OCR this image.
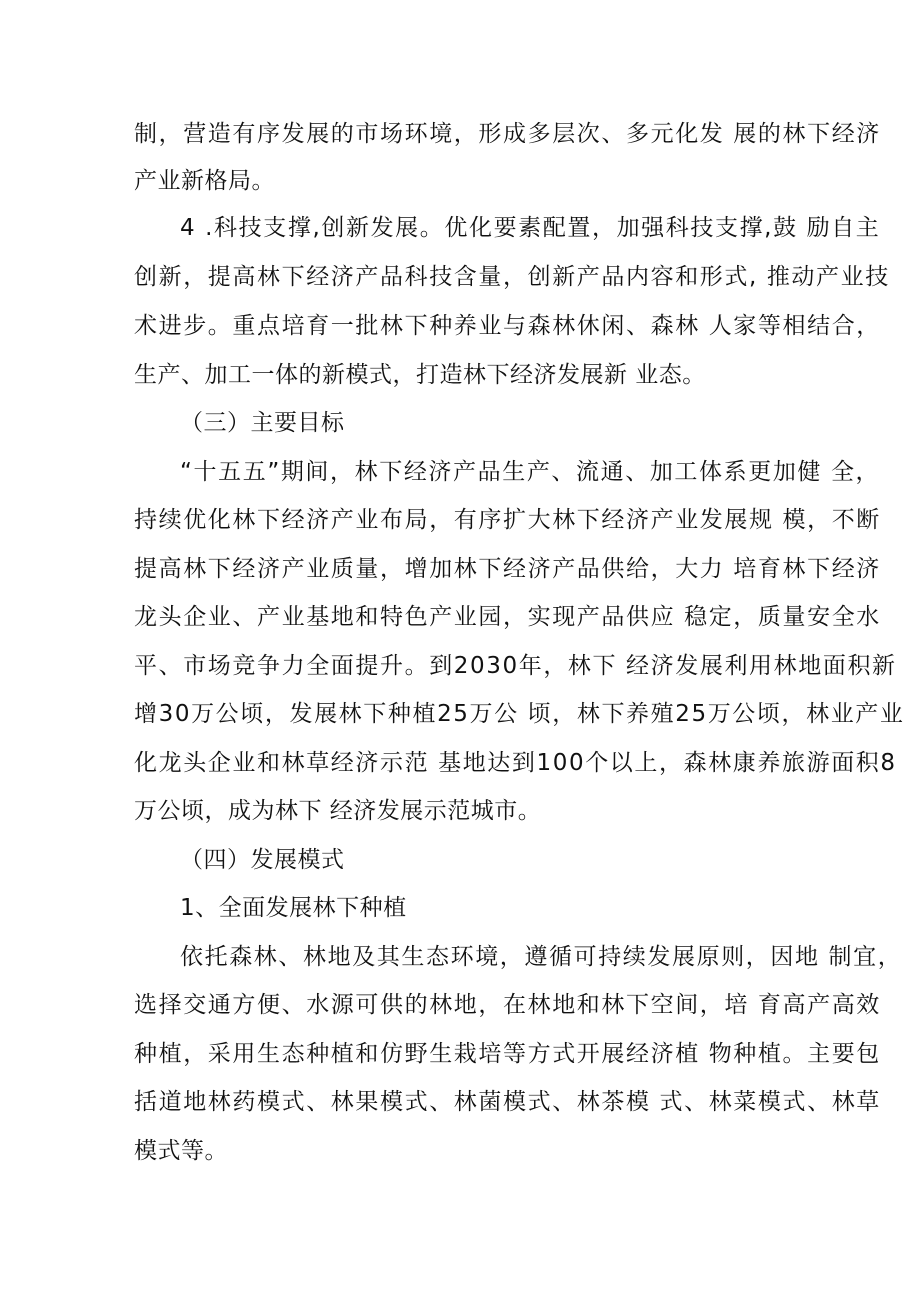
制，营造有序发展的市场环境，形成多层次、多元化发 展的林下经济
产业新格局。
4 .科技支撑,创新发展。优化要素配置，加强科技支撑,鼓 励自主
创新，提高林下经济产品科技含量，创新产品内容和形式, 推动产业技
术进步。重点培育一批林下种养业与森林休闲、森林 人家等相结合，
生产、加工一体的新模式，打造林下经济发展新 业态。
（三）主要目标
“十五五”期间，林下经济产品生产、流通、加工体系更加健 全，
持续优化林下经济产业布局，有序扩大林下经济产业发展规 模，不断
提高林下经济产业质量，增加林下经济产品供给，大力 培育林下经济
龙头企业、产业基地和特色产业园，实现产品供应 稳定，质量安全水
平、市场竞争力全面提升。到2030年，林下 经济发展利用林地面积新
增30万公顷，发展林下种植25万公 顷，林下养殖25万公顷，林业产业
化龙头企业和林草经济示范 基地达到100个以上，森林康养旅游面积8
万公顷，成为林下 经济发展示范城市。
（四）发展模式
1、全面发展林下种植
依托森林、林地及其生态环境，遵循可持续发展原则，因地 制宜，
选择交通方便、水源可供的林地，在林地和林下空间，培 育高产高效
种植，采用生态种植和仿野生栽培等方式开展经济植 物种植。主要包
括道地林药模式、林果模式、林菌模式、林茶模 式、林菜模式、林草
模式等。
